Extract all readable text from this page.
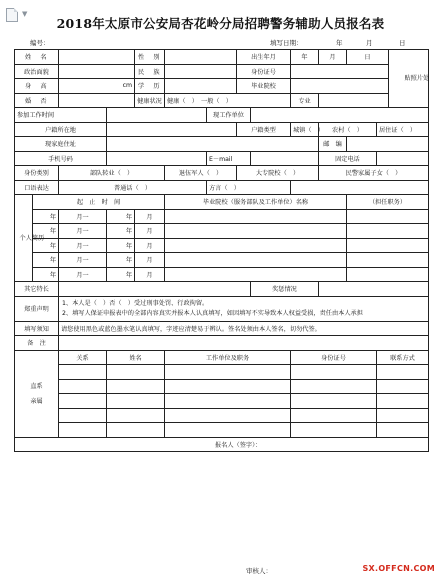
▼
2018年太原市公安局杏花岭分局招聘警务辅助人员报名表
编号：	填写日期：	年	月	日
姓　名				性　别			出生年月		年	月	日		贴照片处
政治面貌				民　族			身份证号						
身　高		cm		学　历			毕业院校						
婚　否				健康状况	健康（　）　一般（　）				专业				
参加工作时间						现工作单位							
户籍所在地							户籍类型		城镇（　）	农村（　）		居住证（　）	
现家庭住址										邮　编			
手机号码						E－mail				固定电话			
身份类别		部队转业（　）			退伍军人（　）		大专院校（　）			民警家属子女（　）			
口语表达		普通话（　）				方言（　）							
个人简历	起　止　时　间				毕业院校（服务部队及工作单位）名称						（担任职务）		
	年	月一	年	月									
	年	月一	年	月									
	年	月一	年	月									
	年	月一	年	月									
	年	月一	年	月									
其它特长								奖惩情况					
郑重声明		1、本人是（　）否（　）受过刑事处罚、行政拘留。
2、填写人保证申报表中的全部内容真实并报本人认真填写，如因填写不实导致本人权益受损，责任由本人承担											

填写须知		请您使用黑色或蓝色墨水笔认真填写，字迹应清楚易于辨认。签名处须由本人签名，切勿代签。											
备　注													
直系亲属		关系	姓名		工作单位及职务				身份证号			联系方式	

报名人（签字）：													
审核人：	SX.OFFCN.COM
